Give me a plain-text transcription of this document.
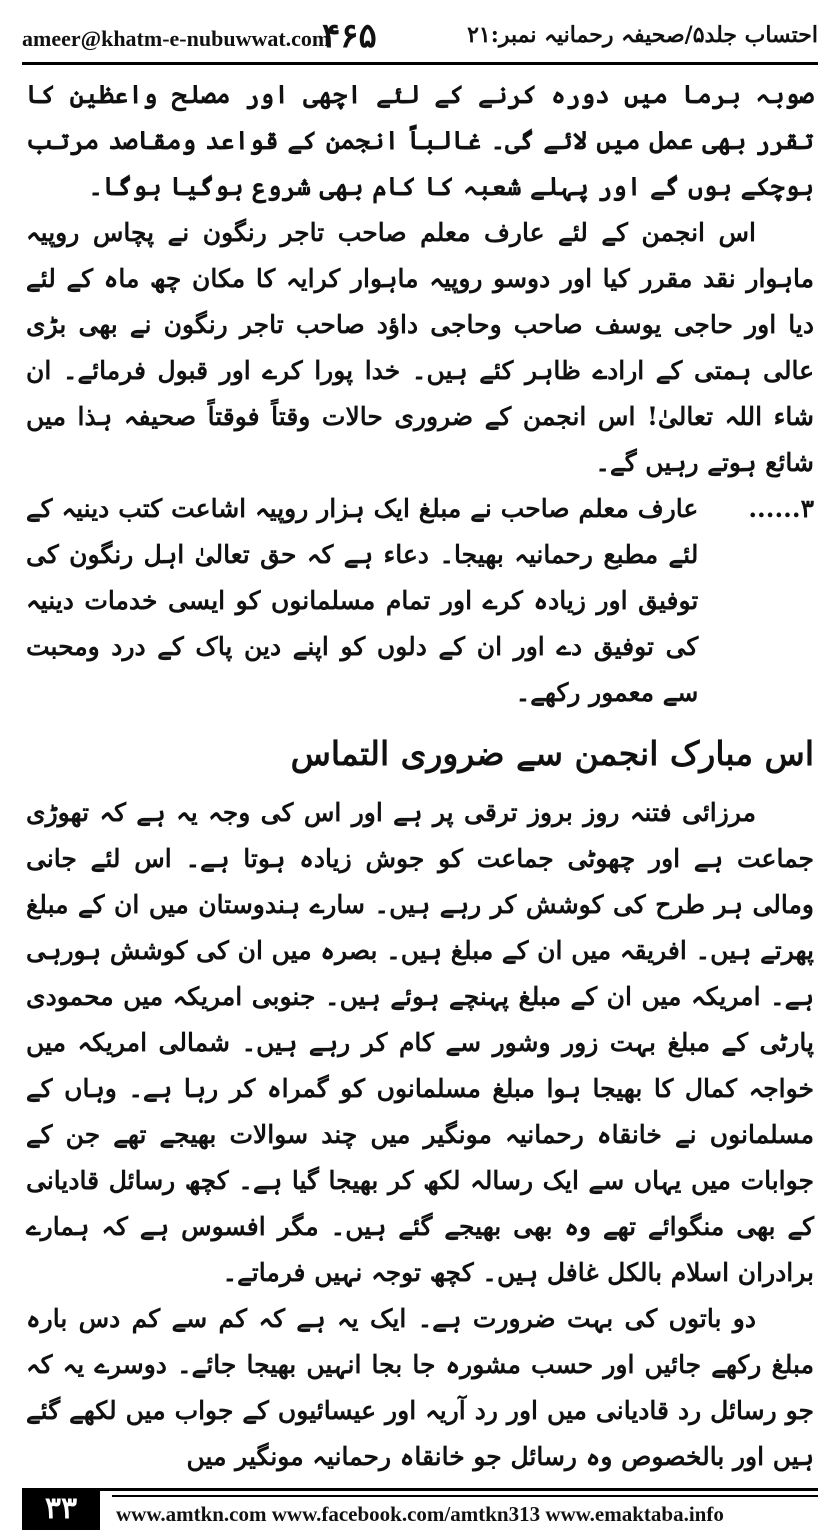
ameer@khatm-e-nubuwwat.com
۴۶۵	احتساب جلد۵/صحیفہ رحمانیہ نمبر:۲۱

صوبہ برما میں دورہ کرنے کے لئے اچھی اور مصلح واعظین کا تقرر بھی عمل میں لائے گی۔ غالباً انجمن کے قواعد ومقاصد مرتب ہوچکے ہوں گے اور پہلے شعبہ کا کام بھی شروع ہوگیا ہوگا۔

اس انجمن کے لئے عارف معلم صاحب تاجر رنگون نے پچاس روپیہ ماہوار نقد مقرر کیا اور دوسو روپیہ ماہوار کرایہ کا مکان چھ ماہ کے لئے دیا اور حاجی یوسف صاحب وحاجی داؤد صاحب تاجر رنگون نے بھی بڑی عالی ہمتی کے ارادے ظاہر کئے ہیں۔ خدا پورا کرے اور قبول فرمائے۔ ان شاء اللہ تعالیٰ! اس انجمن کے ضروری حالات وقتاً فوقتاً صحیفہ ہذا میں شائع ہوتے رہیں گے۔

۳......
عارف معلم صاحب نے مبلغ ایک ہزار روپیہ اشاعت کتب دینیہ کے لئے مطبع رحمانیہ بھیجا۔ دعاء ہے کہ حق تعالیٰ اہل رنگون کی توفیق اور زیادہ کرے اور تمام مسلمانوں کو ایسی خدمات دینیہ کی توفیق دے اور ان کے دلوں کو اپنے دین پاک کے درد ومحبت سے معمور رکھے۔

اس مبارک انجمن سے ضروری التماس

مرزائی فتنہ روز بروز ترقی پر ہے اور اس کی وجہ یہ ہے کہ تھوڑی جماعت ہے اور چھوٹی جماعت کو جوش زیادہ ہوتا ہے۔ اس لئے جانی ومالی ہر طرح کی کوشش کر رہے ہیں۔ سارے ہندوستان میں ان کے مبلغ پھرتے ہیں۔ افریقہ میں ان کے مبلغ ہیں۔ بصرہ میں ان کی کوشش ہورہی ہے۔ امریکہ میں ان کے مبلغ پہنچے ہوئے ہیں۔ جنوبی امریکہ میں محمودی پارٹی کے مبلغ بہت زور وشور سے کام کر رہے ہیں۔ شمالی امریکہ میں خواجہ کمال کا بھیجا ہوا مبلغ مسلمانوں کو گمراہ کر رہا ہے۔ وہاں کے مسلمانوں نے خانقاہ رحمانیہ مونگیر میں چند سوالات بھیجے تھے جن کے جوابات میں یہاں سے ایک رسالہ لکھ کر بھیجا گیا ہے۔ کچھ رسائل قادیانی کے بھی منگوائے تھے وہ بھی بھیجے گئے ہیں۔ مگر افسوس ہے کہ ہمارے برادران اسلام بالکل غافل ہیں۔ کچھ توجہ نہیں فرماتے۔

دو باتوں کی بہت ضرورت ہے۔ ایک یہ ہے کہ کم سے کم دس بارہ مبلغ رکھے جائیں اور حسب مشورہ جا بجا انہیں بھیجا جائے۔ دوسرے یہ کہ جو رسائل رد قادیانی میں اور رد آریہ اور عیسائیوں کے جواب میں لکھے گئے ہیں اور بالخصوص وہ رسائل جو خانقاہ رحمانیہ مونگیر میں

۳۳	www.amtkn.com www.facebook.com/amtkn313 www.emaktaba.info
